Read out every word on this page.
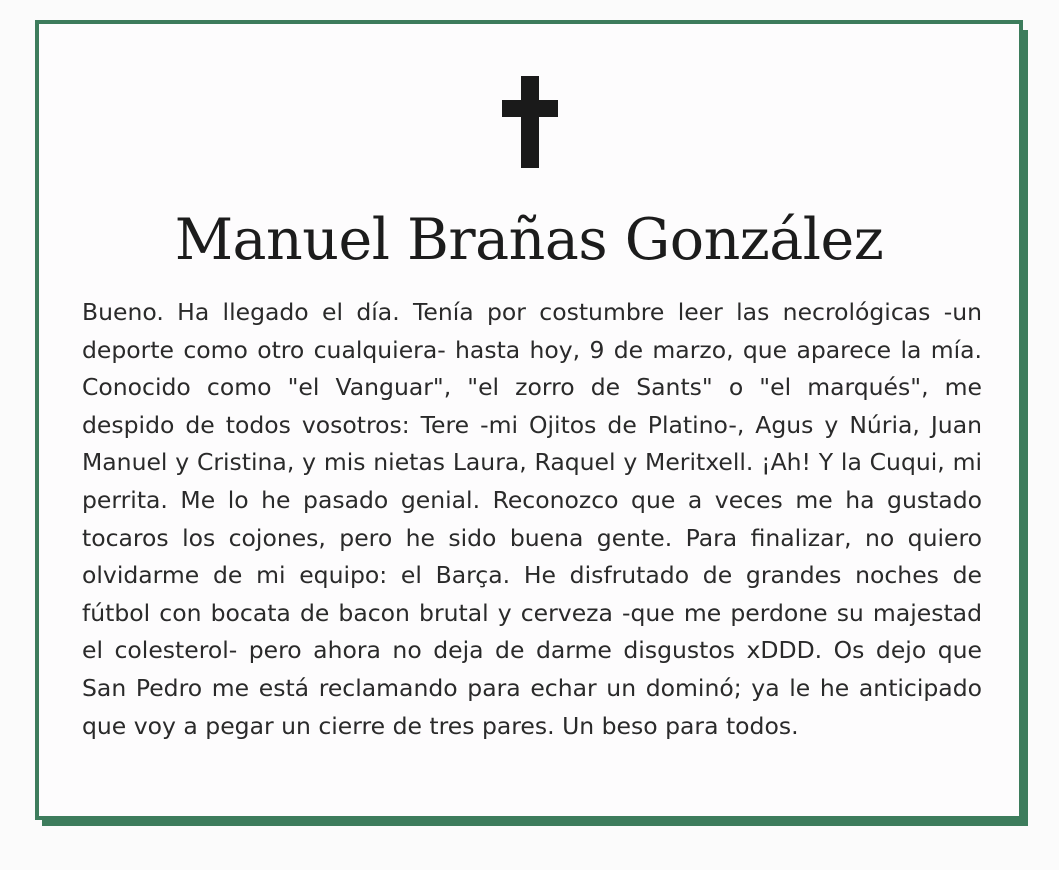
Manuel Brañas González

Bueno. Ha llegado el día. Tenía por costumbre leer las necrológicas -un deporte como otro cualquiera- hasta hoy, 9 de marzo, que aparece la mía. Conocido como "el Vanguar", "el zorro de Sants" o "el marqués", me despido de todos vosotros: Tere -mi Ojitos de Platino-, Agus y Núria, Juan Manuel y Cristina, y mis nietas Laura, Raquel y Meritxell. ¡Ah! Y la Cuqui, mi perrita. Me lo he pasado genial. Reconozco que a veces me ha gustado tocaros los cojones, pero he sido buena gente. Para finalizar, no quiero olvidarme de mi equipo: el Barça. He disfrutado de grandes noches de fútbol con bocata de bacon brutal y cerveza -que me perdone su majestad el colesterol- pero ahora no deja de darme disgustos xDDD. Os dejo que San Pedro me está reclamando para echar un dominó; ya le he anticipado que voy a pegar un cierre de tres pares. Un beso para todos.
